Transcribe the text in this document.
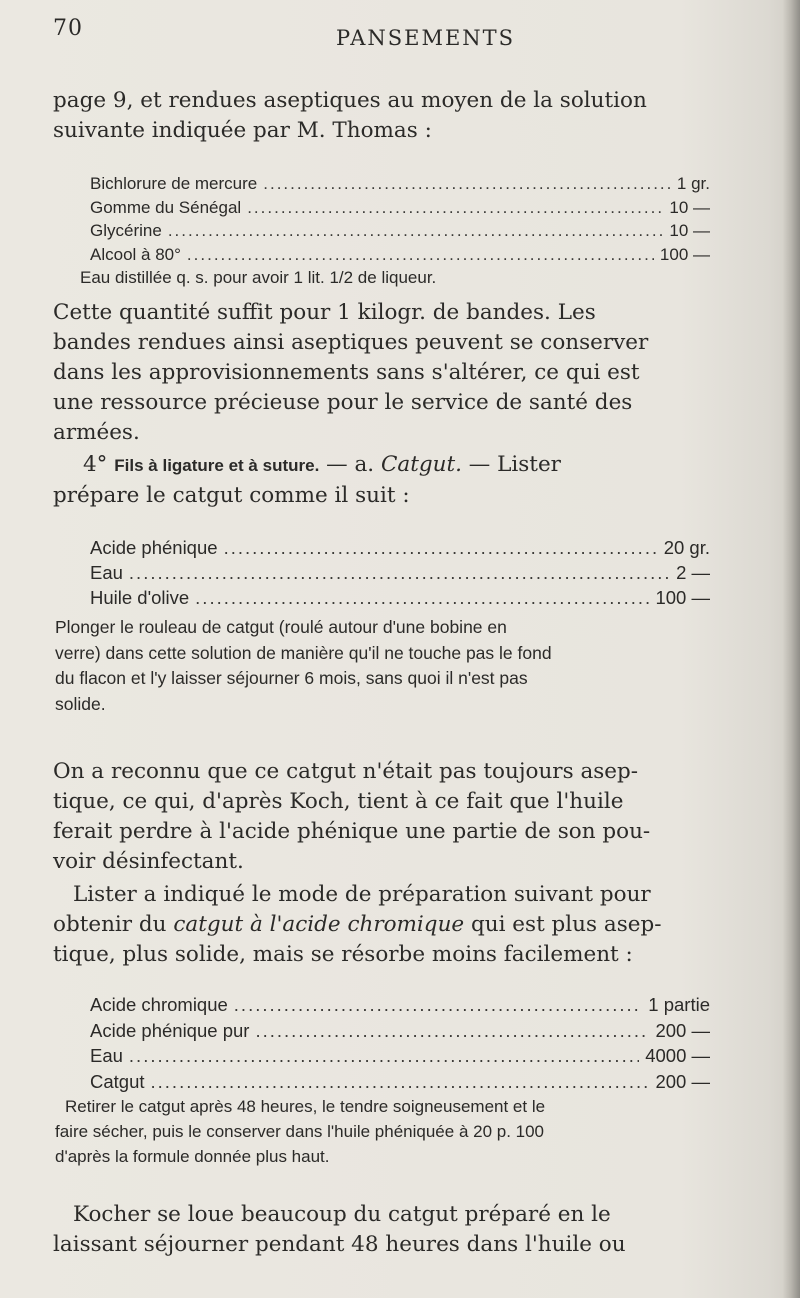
70	PANSEMENTS
page 9, et rendues aseptiques au moyen de la solution
suivante indiquée par M. Thomas :
Bichlorure de mercure .....	1 gr.
Gomme du Sénégal .....	10 —
Glycérine .....	10 —
Alcool à 80° .....	100 —
Eau distillée q. s. pour avoir 1 lit. 1/2 de liqueur.
Cette quantité suffit pour 1 kilogr. de bandes. Les
bandes rendues ainsi aseptiques peuvent se conserver
dans les approvisionnements sans s'altérer, ce qui est
une ressource précieuse pour le service de santé des
armées.
4° Fils à ligature et à suture. — a. Catgut. — Lister
prépare le catgut comme il suit :
Acide phénique .....	20 gr.
Eau .....	2 —
Huile d'olive .....	100 —
Plonger le rouleau de catgut (roulé autour d'une bobine en
verre) dans cette solution de manière qu'il ne touche pas le fond
du flacon et l'y laisser séjourner 6 mois, sans quoi il n'est pas
solide.
On a reconnu que ce catgut n'était pas toujours asep-
tique, ce qui, d'après Koch, tient à ce fait que l'huile
ferait perdre à l'acide phénique une partie de son pou-
voir désinfectant.
Lister a indiqué le mode de préparation suivant pour
obtenir du catgut à l'acide chromique qui est plus asep-
tique, plus solide, mais se résorbe moins facilement :
Acide chromique .....	1 partie
Acide phénique pur .....	200 —
Eau .....	4000 —
Catgut .....	200 —
Retirer le catgut après 48 heures, le tendre soigneusement et le
faire sécher, puis le conserver dans l'huile phéniquée à 20 p. 100
d'après la formule donnée plus haut.
Kocher se loue beaucoup du catgut préparé en le
laissant séjourner pendant 48 heures dans l'huile ou
